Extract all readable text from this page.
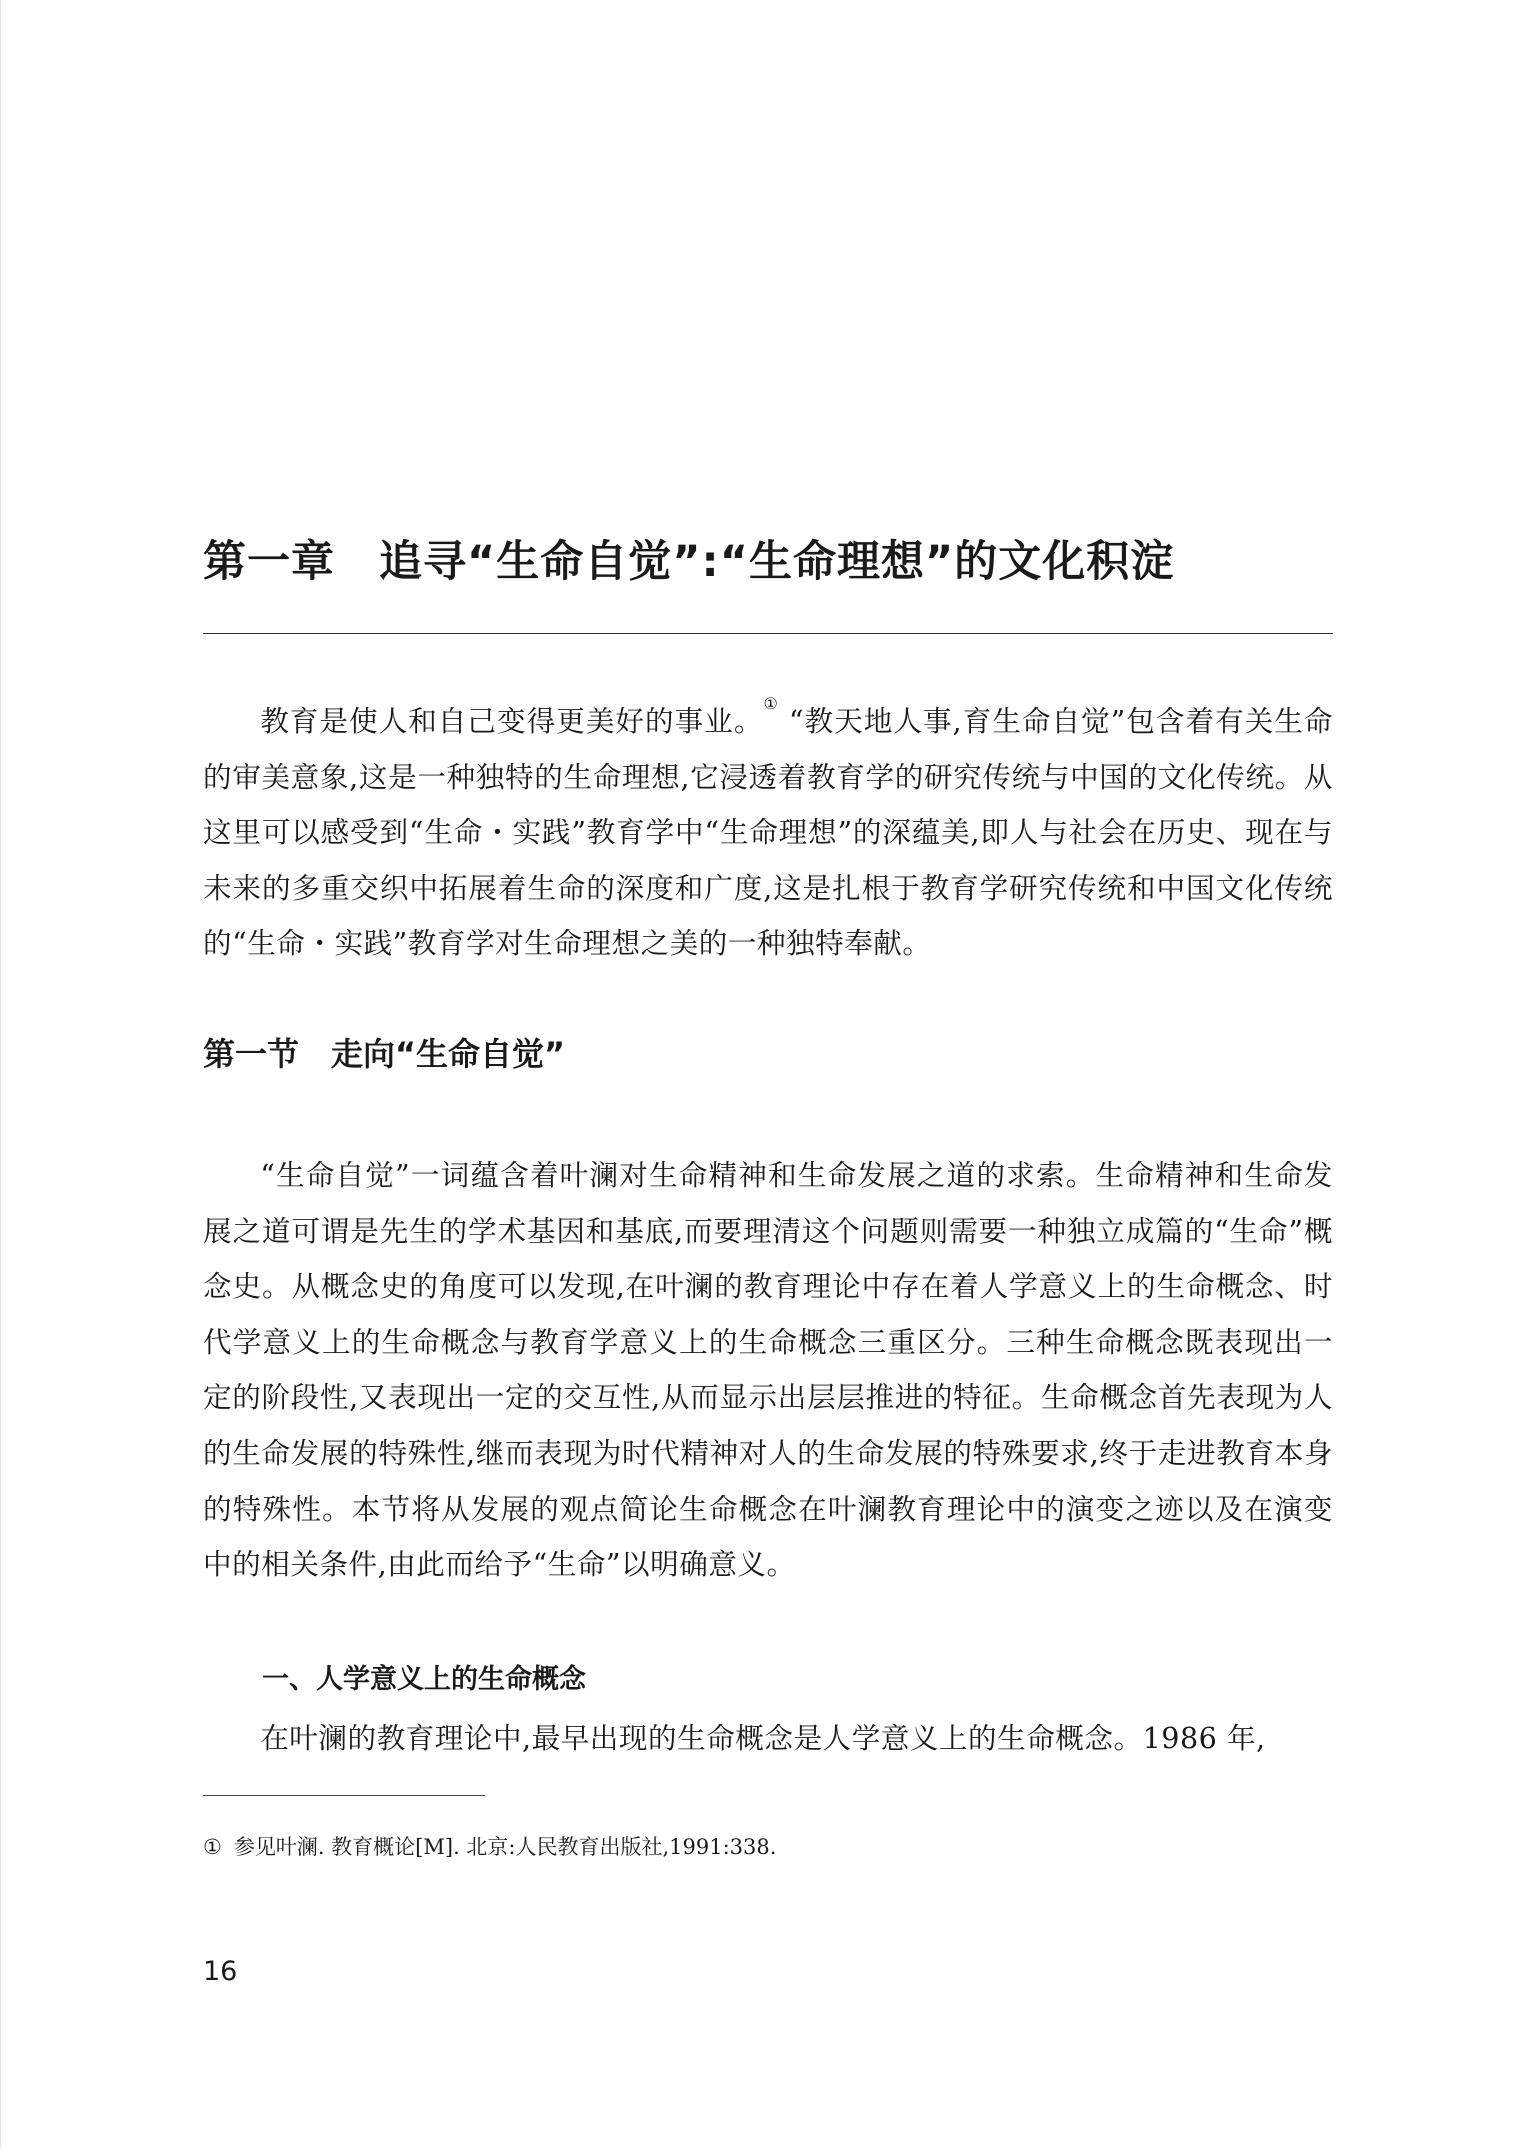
第一章　追寻“生命自觉”:“生命理想”的文化积淀

教育是使人和自己变得更美好的事业。① “教天地人事,育生命自觉”包含着有关生命的审美意象,这是一种独特的生命理想,它浸透着教育学的研究传统与中国的文化传统。从这里可以感受到“生命・实践”教育学中“生命理想”的深蕴美,即人与社会在历史、现在与未来的多重交织中拓展着生命的深度和广度,这是扎根于教育学研究传统和中国文化传统的“生命・实践”教育学对生命理想之美的一种独特奉献。

第一节　走向“生命自觉”

“生命自觉”一词蕴含着叶澜对生命精神和生命发展之道的求索。生命精神和生命发展之道可谓是先生的学术基因和基底,而要理清这个问题则需要一种独立成篇的“生命”概念史。从概念史的角度可以发现,在叶澜的教育理论中存在着人学意义上的生命概念、时代学意义上的生命概念与教育学意义上的生命概念三重区分。三种生命概念既表现出一定的阶段性,又表现出一定的交互性,从而显示出层层推进的特征。生命概念首先表现为人的生命发展的特殊性,继而表现为时代精神对人的生命发展的特殊要求,终于走进教育本身的特殊性。本节将从发展的观点简论生命概念在叶澜教育理论中的演变之迹以及在演变中的相关条件,由此而给予“生命”以明确意义。

一、人学意义上的生命概念

在叶澜的教育理论中,最早出现的生命概念是人学意义上的生命概念。1986 年,

① 参见叶澜. 教育概论[M]. 北京:人民教育出版社,1991:338.

16
